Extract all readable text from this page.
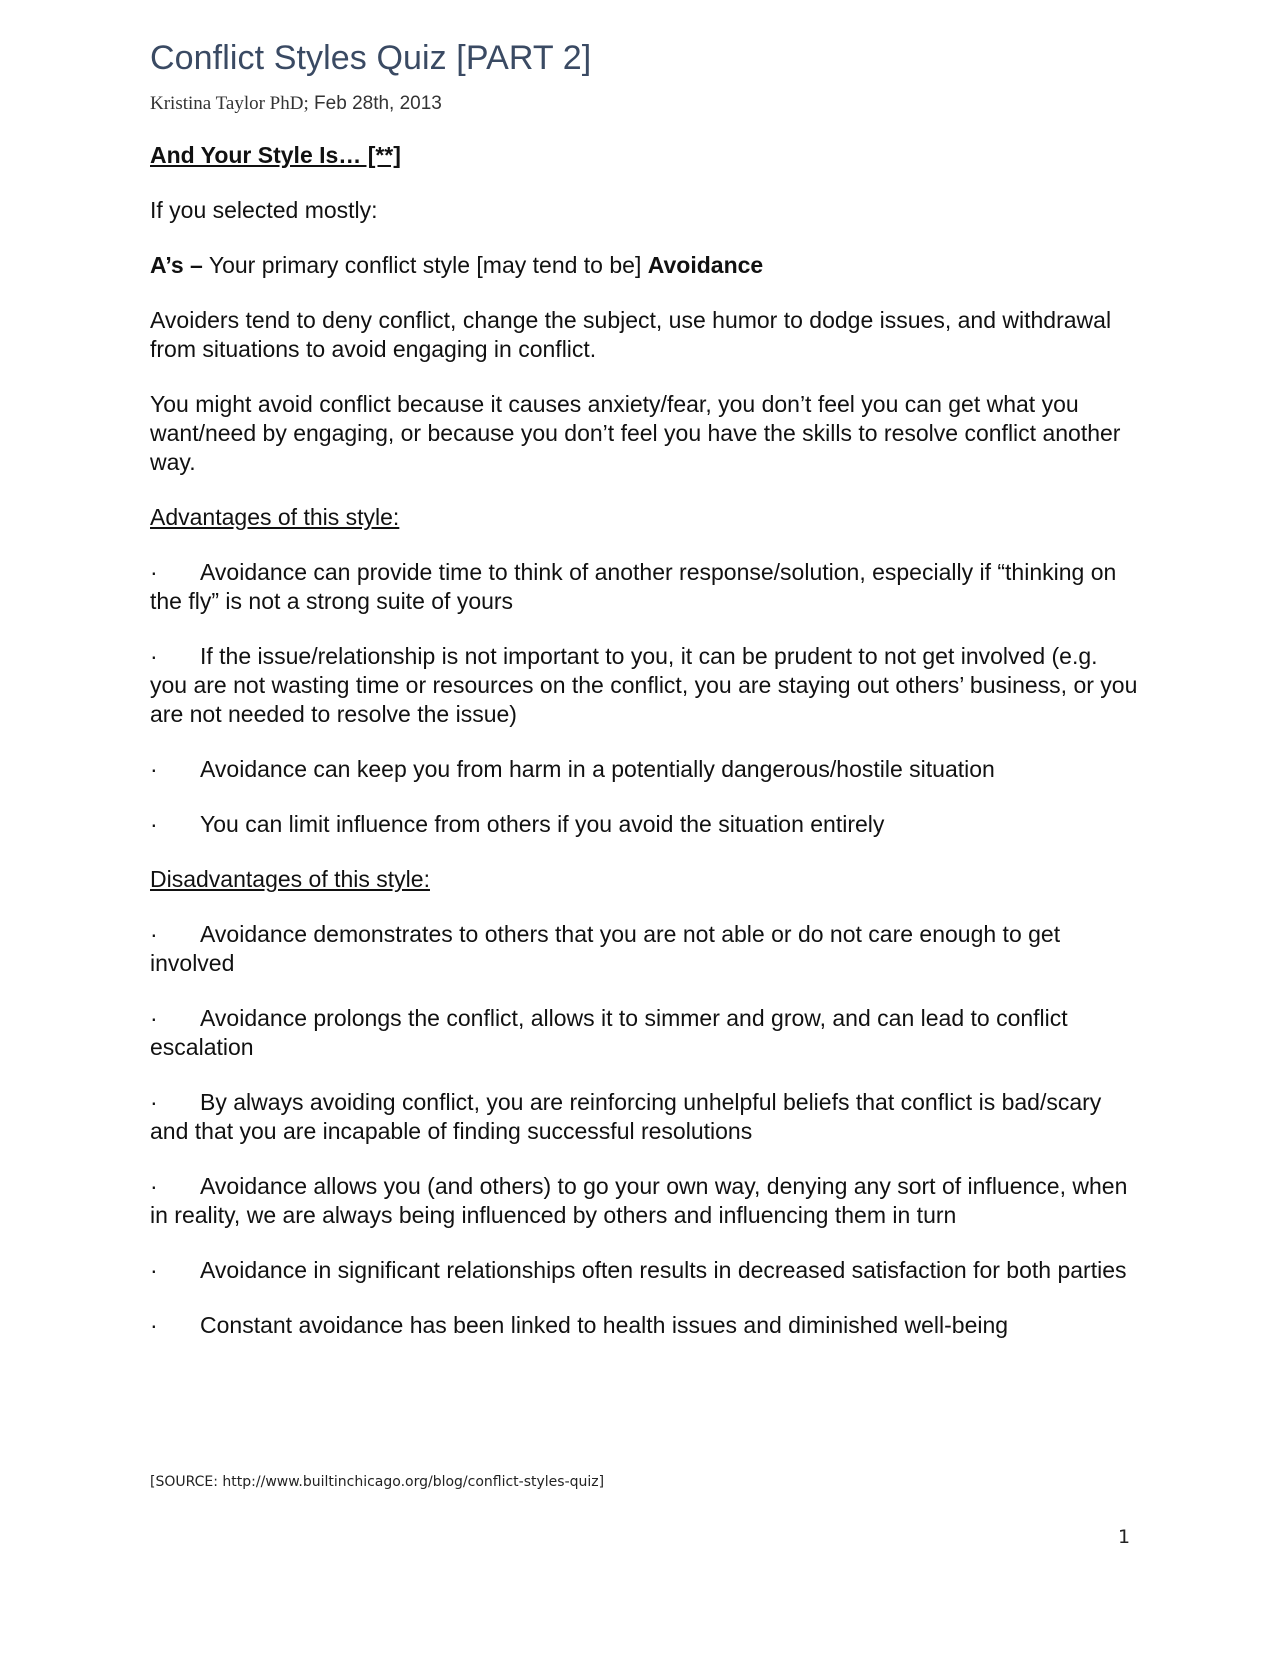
Conflict Styles Quiz [PART 2]
Kristina Taylor PhD; Feb 28th, 2013

And Your Style Is… [**]

If you selected mostly:

A’s – Your primary conflict style [may tend to be] Avoidance

Avoiders tend to deny conflict, change the subject, use humor to dodge issues, and withdrawal from situations to avoid engaging in conflict.

You might avoid conflict because it causes anxiety/fear, you don’t feel you can get what you want/need by engaging, or because you don’t feel you have the skills to resolve conflict another way.

Advantages of this style:

· Avoidance can provide time to think of another response/solution, especially if “thinking on the fly” is not a strong suite of yours

· If the issue/relationship is not important to you, it can be prudent to not get involved (e.g. you are not wasting time or resources on the conflict, you are staying out others’ business, or you are not needed to resolve the issue)

· Avoidance can keep you from harm in a potentially dangerous/hostile situation

· You can limit influence from others if you avoid the situation entirely

Disadvantages of this style:

· Avoidance demonstrates to others that you are not able or do not care enough to get involved

· Avoidance prolongs the conflict, allows it to simmer and grow, and can lead to conflict escalation

· By always avoiding conflict, you are reinforcing unhelpful beliefs that conflict is bad/scary and that you are incapable of finding successful resolutions

· Avoidance allows you (and others) to go your own way, denying any sort of influence, when in reality, we are always being influenced by others and influencing them in turn

· Avoidance in significant relationships often results in decreased satisfaction for both parties

· Constant avoidance has been linked to health issues and diminished well-being

[SOURCE: http://www.builtinchicago.org/blog/conflict-styles-quiz]
1
